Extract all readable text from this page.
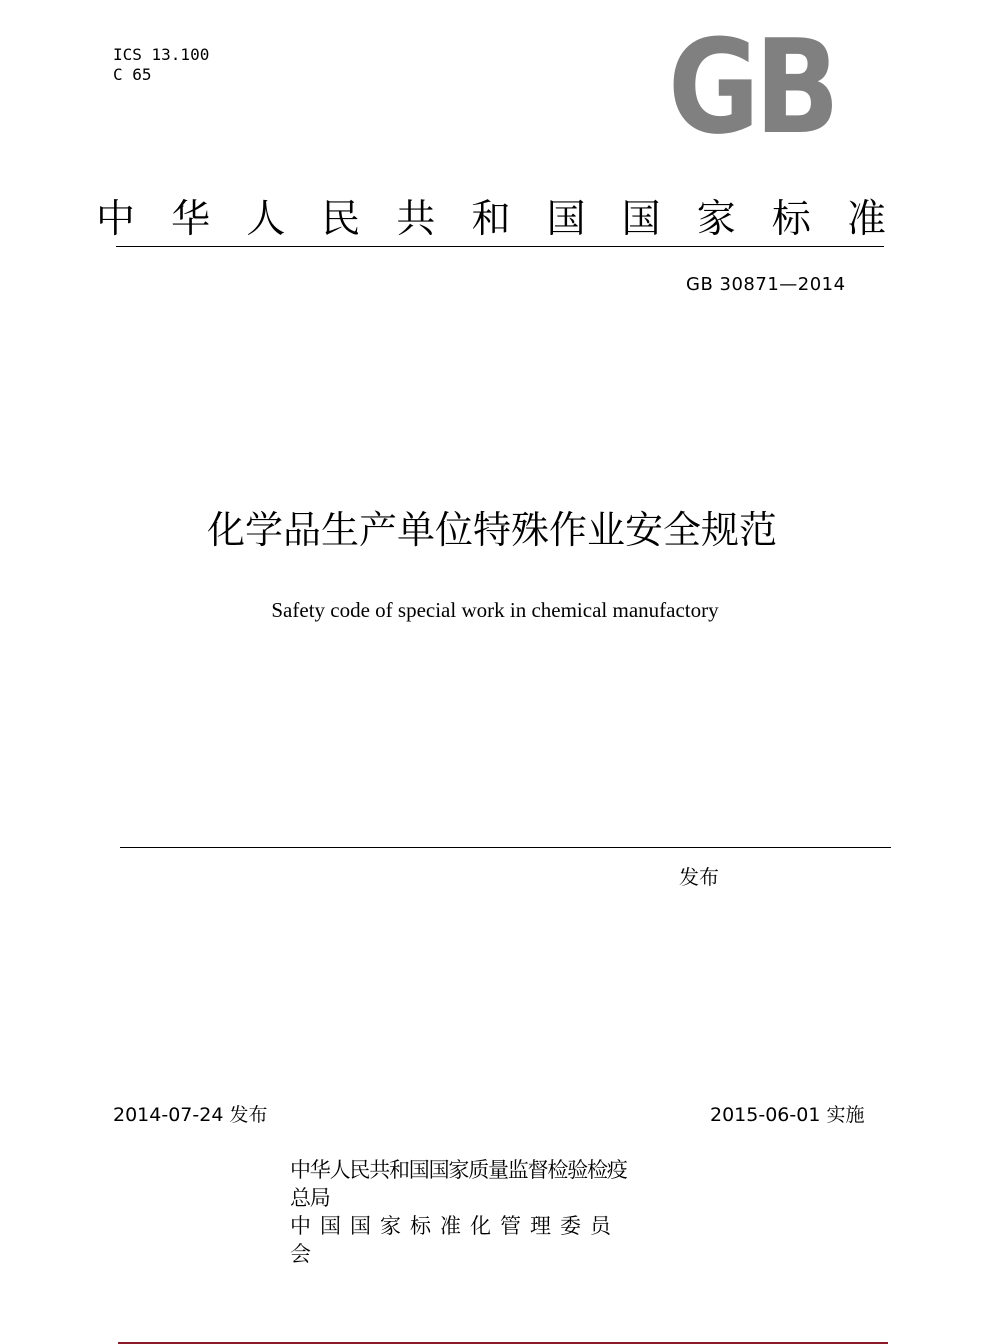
ICS 13.100
C 65	GB
中 华 人 民 共 和 国 国 家 标 准
GB 30871—2014
化学品生产单位特殊作业安全规范
Safety code of special work in chemical manufactory
发布
2014-07-24 发布	2015-06-01 实施
中华人民共和国国家质量监督检验检疫总局
中国国家标准化管理委员会
